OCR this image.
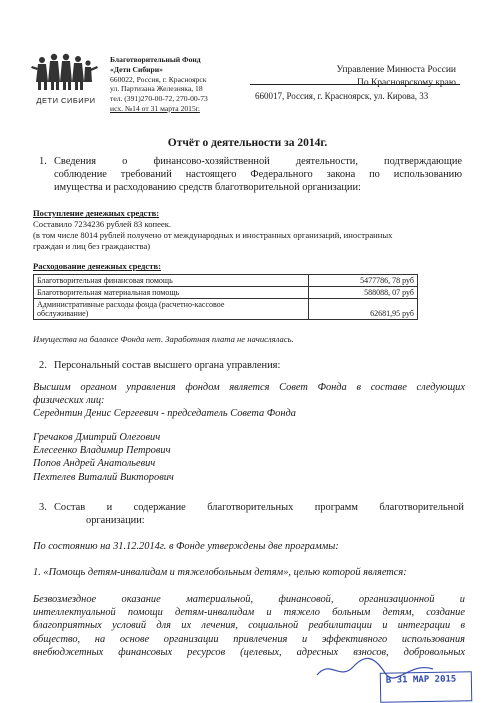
ДЕТИ СИБИРИ
Благотворительный Фонд
«Дети Сибири»
660022, Россия, г. Красноярск
ул. Партизана Железняка, 18
тел. (391)270-00-72, 270-00-73
исх. №14 от 31 марта 2015г.
Управление Минюста России
По Красноярскому краю
660017, Россия, г. Красноярск, ул. Кирова, 33
Отчёт о деятельности за 2014г.
1. Сведения о финансово-хозяйственной деятельности, подтверждающие
соблюдение требований настоящего Федерального закона по использованию
имущества и расходованию средств благотворительной организации:
Поступление денежных средств:
Составило 7234236 рублей 83 копеек.
(в том числе 8014 рублей получено от международных и иностранных организаций, иностранных
граждан и лиц без гражданства)
Расходование денежных средств:
Благотворительная финансовая помощь	5477786, 78 руб
Благотворительная материальная помощь	588088, 07 руб

Административные расходы фонда (расчетно-кассовое
обслуживание)	62681,95 руб
Имущества на балансе Фонда нет. Заработная плата не начислялась.
2. Персональный состав высшего органа управления:
Высшим органом управления фондом является Совет Фонда в составе следующих
физических лиц:
Середнтин Денис Сергеевич - председатель Совета Фонда
Гречаков Дмитрий Олегович
Елесеенко Владимир Петрович
Попов Андрей Анатольевич
Пехтелев Виталий Викторович
3. Состав и содержание благотворительных программ благотворительной
организации:
По состоянию на 31.12.2014г. в Фонде утверждены две программы:
1. «Помощь детям-инвалидам и тяжелобольным детям», целью которой является:
Безвозмездное оказание материальной, финансовой, организационной и
интеллектуальной помощи детям-инвалидам и тяжело больным детям, создание
благоприятных условий для их лечения, социальной реабилитации и интеграции в
общество, на основе организации привлечения и эффективного использования
внебюджетных финансовых ресурсов (целевых, адресных взносов, добровольных
В 31 МАР 2015
